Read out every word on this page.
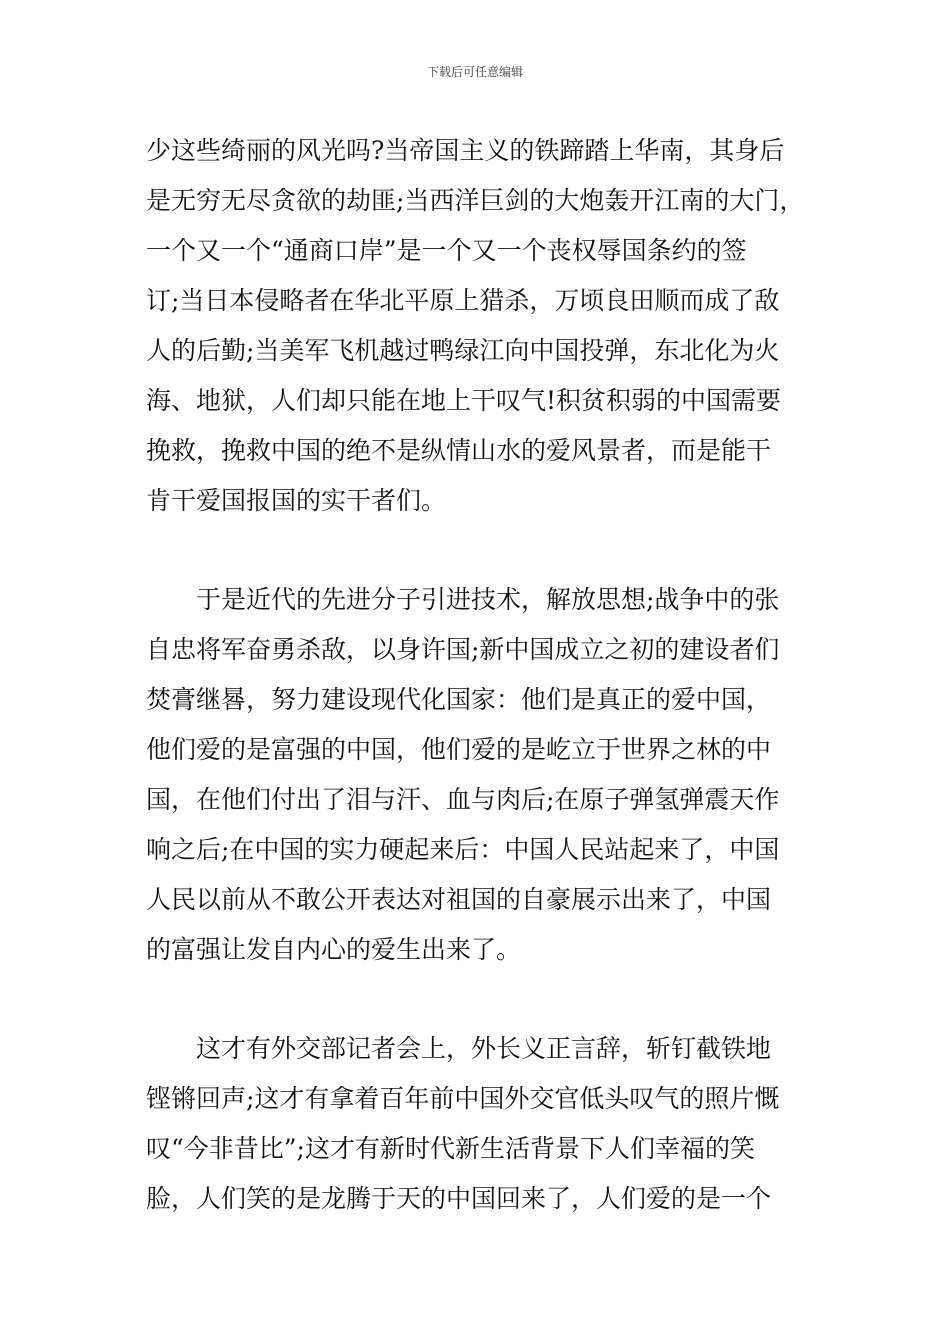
下载后可任意编辑
少这些绮丽的风光吗?当帝国主义的铁蹄踏上华南，其身后
是无穷无尽贪欲的劫匪;当西洋巨剑的大炮轰开江南的大门，
一个又一个“通商口岸”是一个又一个丧权辱国条约的签
订;当日本侵略者在华北平原上猎杀，万顷良田顺而成了敌
人的后勤;当美军飞机越过鸭绿江向中国投弹，东北化为火
海、地狱，人们却只能在地上干叹气!积贫积弱的中国需要
挽救，挽救中国的绝不是纵情山水的爱风景者，而是能干
肯干爱国报国的实干者们。
　　于是近代的先进分子引进技术，解放思想;战争中的张
自忠将军奋勇杀敌，以身许国;新中国成立之初的建设者们
焚膏继晷，努力建设现代化国家：他们是真正的爱中国，
他们爱的是富强的中国，他们爱的是屹立于世界之林的中
国，在他们付出了泪与汗、血与肉后;在原子弹氢弹震天作
响之后;在中国的实力硬起来后：中国人民站起来了，中国
人民以前从不敢公开表达对祖国的自豪展示出来了，中国
的富强让发自内心的爱生出来了。
　　这才有外交部记者会上，外长义正言辞，斩钉截铁地
铿锵回声;这才有拿着百年前中国外交官低头叹气的照片慨
叹“今非昔比”;这才有新时代新生活背景下人们幸福的笑
脸，人们笑的是龙腾于天的中国回来了，人们爱的是一个
